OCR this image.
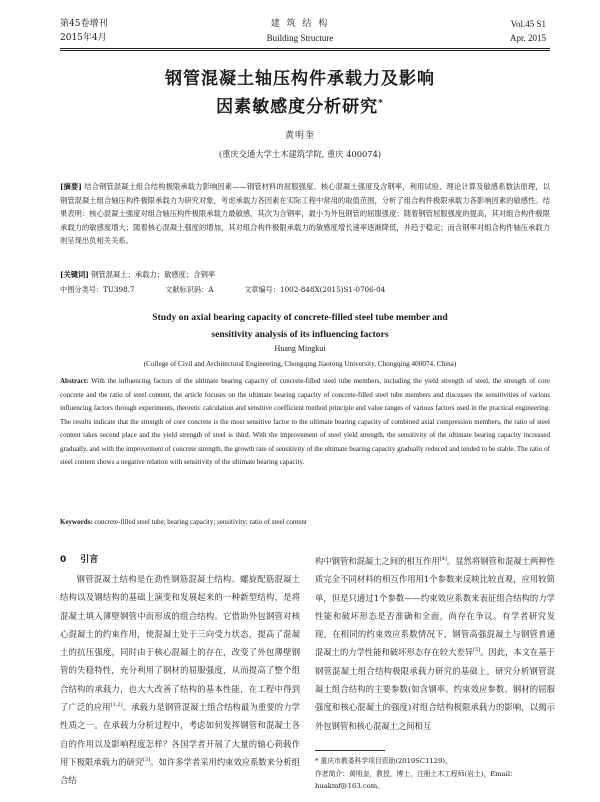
第45卷增刊
2015年4月
建 筑 结 构
Building Structure
Vol.45 S1
Apr. 2015
钢管混凝土轴压构件承载力及影响
因素敏感度分析研究*
黄明奎
(重庆交通大学土木建筑学院, 重庆 400074)
[摘要] 结合钢管混凝土组合结构极限承载力影响因素——钢管材料的屈服强度、核心混凝土强度及含钢率，利用试验、理论计算及敏感系数法原理，以钢管混凝土组合轴压构件极限承载力为研究对象，考虑承载力各因素在实际工程中常用的取值范围，分析了组合构件极限承载力各影响因素的敏感性。结果表明：核心混凝土强度对组合轴压构件极限承载力最敏感，其次为含钢率，最小为外包钢管的屈服强度；随着钢管屈服强度的提高，其对组合构件极限承载力的敏感度增大；随着核心混凝土强度的增加，其对组合构件极限承载力的敏感度增长速率逐渐降低，并趋于稳定；而含钢率对组合构件轴压承载力则呈现出负相关关系。
[关键词] 钢管混凝土；承载力；敏感度；含钢率
中图分类号：TU398.7	文献标识码：A	文章编号：1002-848X(2015)S1-0706-04
Study on axial bearing capacity of concrete-filled steel tube member and
sensitivity analysis of its influencing factors
Huang Mingkui
(College of Civil and Architectural Engineering, Chongqing Jiaotong University, Chongqing 400074, China)
Abstract: With the influencing factors of the ultimate bearing capacity of concrete-filled steel tube members, including the yield strength of steel, the strength of core concrete and the ratio of steel content, the article focuses on the ultimate bearing capacity of concrete-filled steel tube members and discusses the sensitivities of various influencing factors through experiments, theoretic calculation and sensitive coefficient method principle and value ranges of various factors used in the practical engineering. The results indicate that the strength of core concrete is the most sensitive factor to the ultimate bearing capacity of combined axial compression members, the ratio of steel content takes second place and the yield strength of steel is third. With the improvement of steel yield strength, the sensitivity of the ultimate bearing capacity increased gradually, and with the improvement of concrete strength, the growth rate of sensitivity of the ultimate bearing capacity gradually reduced and tended to be stable. The ratio of steel content shows a negative relation with sensitivity of the ultimate bearing capacity.
Keywords: concrete-filled steel tube; bearing capacity; sensitivity; ratio of steel content
0 引言

钢管混凝土结构是在劲性钢筋混凝土结构、螺旋配筋混凝土结构以及钢结构的基础上演变和发展起来的一种新型结构，是将混凝土填入薄壁钢管中而形成的组合结构。它借助外包钢管对核心混凝土的约束作用，使混凝土处于三向受力状态，提高了混凝土的抗压强度，同时由于核心混凝土的存在，改变了外包薄壁钢管的失稳特性，充分利用了钢材的屈服强度，从而提高了整个组合结构的承载力，也大大改善了结构的基本性能，在工程中得到了广泛的应用[1,2]。承载力是钢管混凝土组合结构最为重要的力学性质之一。在承载力分析过程中，考虑如何发挥钢管和混凝土各自的作用以及影响程度怎样？各国学者开展了大量的轴心荷载作用下极限承载力的研究[3]。如许多学者采用约束效应系数来分析组合结

构中钢管和混凝土之间的相互作用[4]。显然将钢管和混凝土两种性质完全不同材料的相互作用用1个参数来反映比较直观，应用较简单，但是只通过1个参数——约束效应系数来表征组合结构的力学性能和破坏形态是否准确和全面，尚存在争议。有学者研究发现，在相同的约束效应系数情况下，钢管高强混凝土与钢管普通混凝土的力学性能和破坏形态存在较大差异[5]。因此，本文在基于钢管混凝土组合结构极限承载力研究的基础上，研究分析钢管混凝土组合结构的主要参数(如含钢率、约束效应参数、钢材的屈服强度和核心混凝土的强度)对组合结构极限承载力的影响，以揭示外包钢管和核心混凝土之间相互

* 重庆市教委科学项目资助(2019SC1129)。
作者简介：黄明奎，教授，博士，注册土木工程师(岩土)，Email：
huakmf@163.com。
